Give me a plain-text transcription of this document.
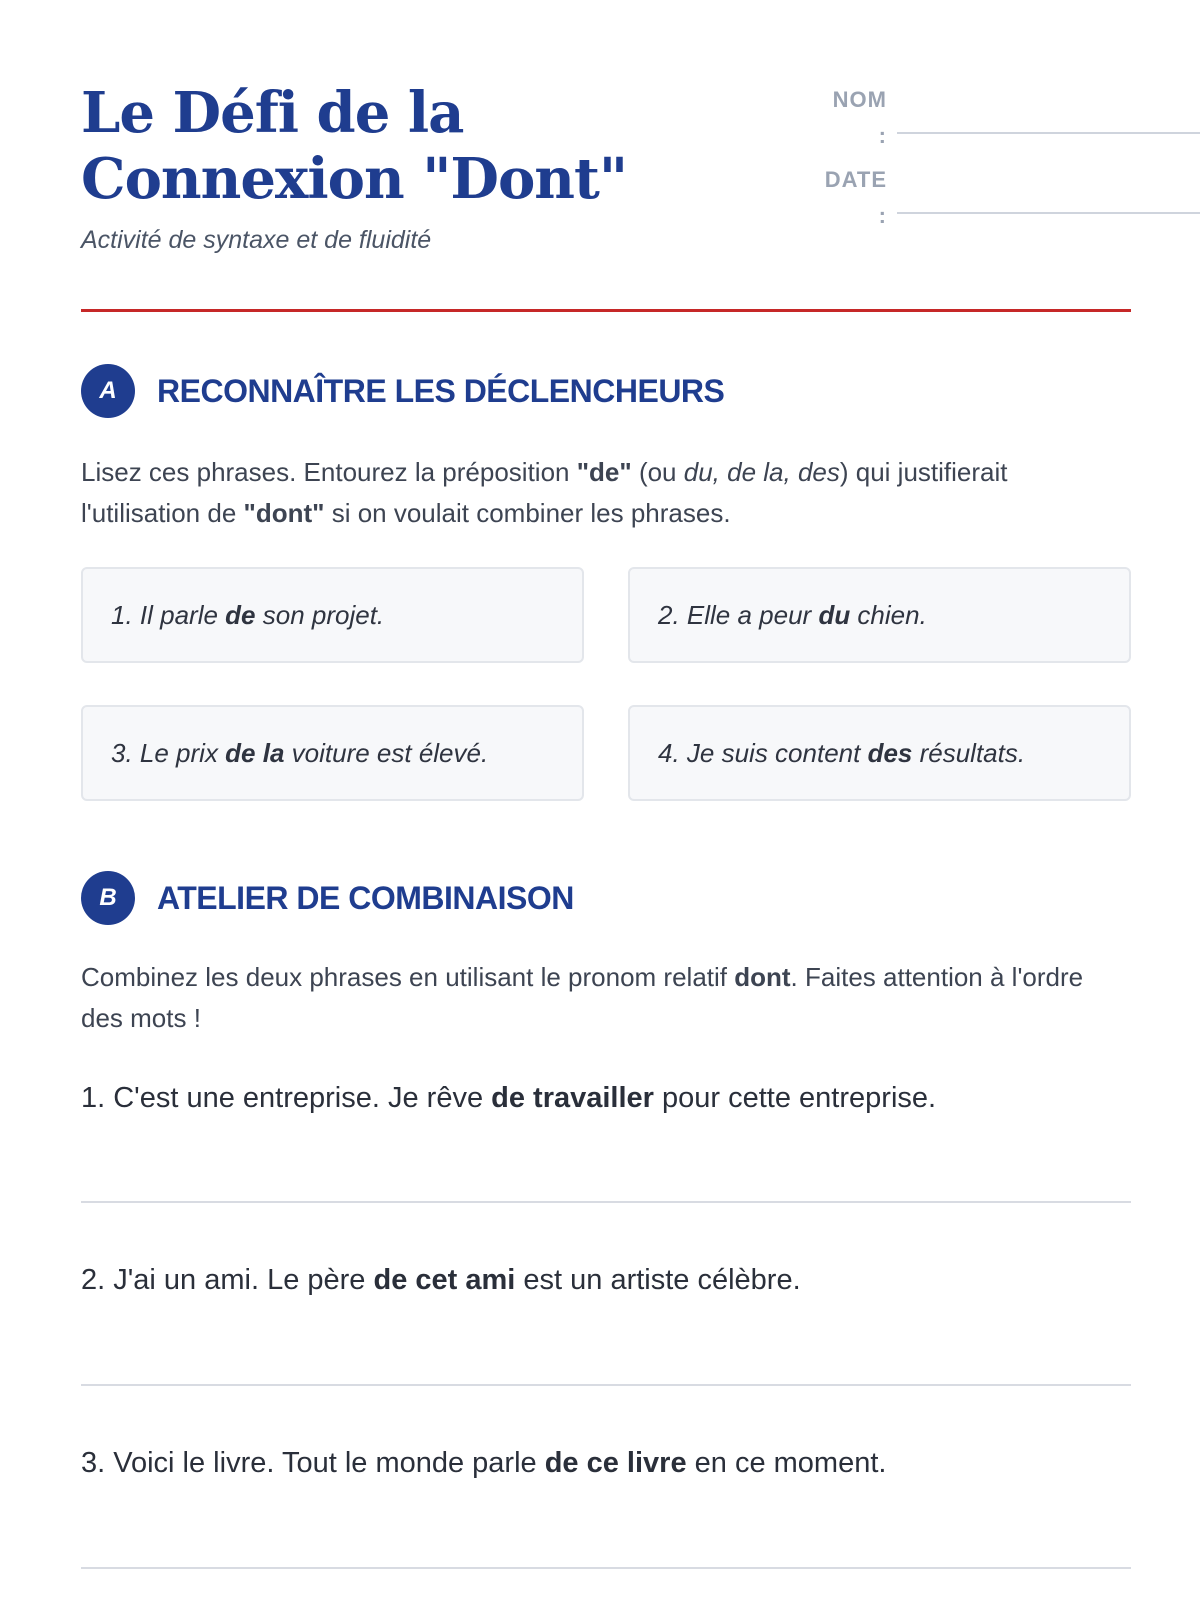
Le Défi de la Connexion "Dont"
Activité de syntaxe et de fluidité
NOM :
DATE :
A	RECONNAÎTRE LES DÉCLENCHEURS
Lisez ces phrases. Entourez la préposition "de" (ou du, de la, des) qui justifierait l'utilisation de "dont" si on voulait combiner les phrases.
1. Il parle de son projet.	2. Elle a peur du chien.
3. Le prix de la voiture est élevé.	4. Je suis content des résultats.
B	ATELIER DE COMBINAISON
Combinez les deux phrases en utilisant le pronom relatif dont. Faites attention à l'ordre des mots !
1. C'est une entreprise. Je rêve de travailler pour cette entreprise.
2. J'ai un ami. Le père de cet ami est un artiste célèbre.
3. Voici le livre. Tout le monde parle de ce livre en ce moment.
